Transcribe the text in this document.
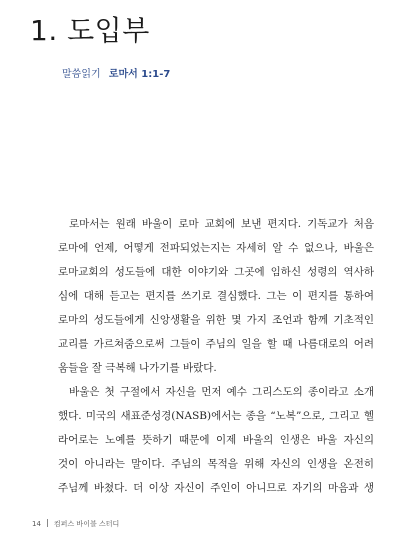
1. 도입부
말씀읽기 로마서 1:1-7
로마서는 원래 바울이 로마 교회에 보낸 편지다. 기독교가 처음
로마에 언제, 어떻게 전파되었는지는 자세히 알 수 없으나, 바울은
로마교회의 성도들에 대한 이야기와 그곳에 임하신 성령의 역사하
심에 대해 듣고는 편지를 쓰기로 결심했다. 그는 이 편지를 통하여
로마의 성도들에게 신앙생활을 위한 몇 가지 조언과 함께 기초적인
교리를 가르쳐줌으로써 그들이 주님의 일을 할 때 나름대로의 어려
움들을 잘 극복해 나가기를 바랐다.
바울은 첫 구절에서 자신을 먼저 예수 그리스도의 종이라고 소개
했다. 미국의 새표준성경(NASB)에서는 종을 “노복”으로, 그리고 헬
라어로는 노예를 뜻하기 때문에 이제 바울의 인생은 바울 자신의
것이 아니라는 말이다. 주님의 목적을 위해 자신의 인생을 온전히
주님께 바쳤다. 더 이상 자신이 주인이 아니므로 자기의 마음과 생
14 컴퍼스 바이블 스터디
